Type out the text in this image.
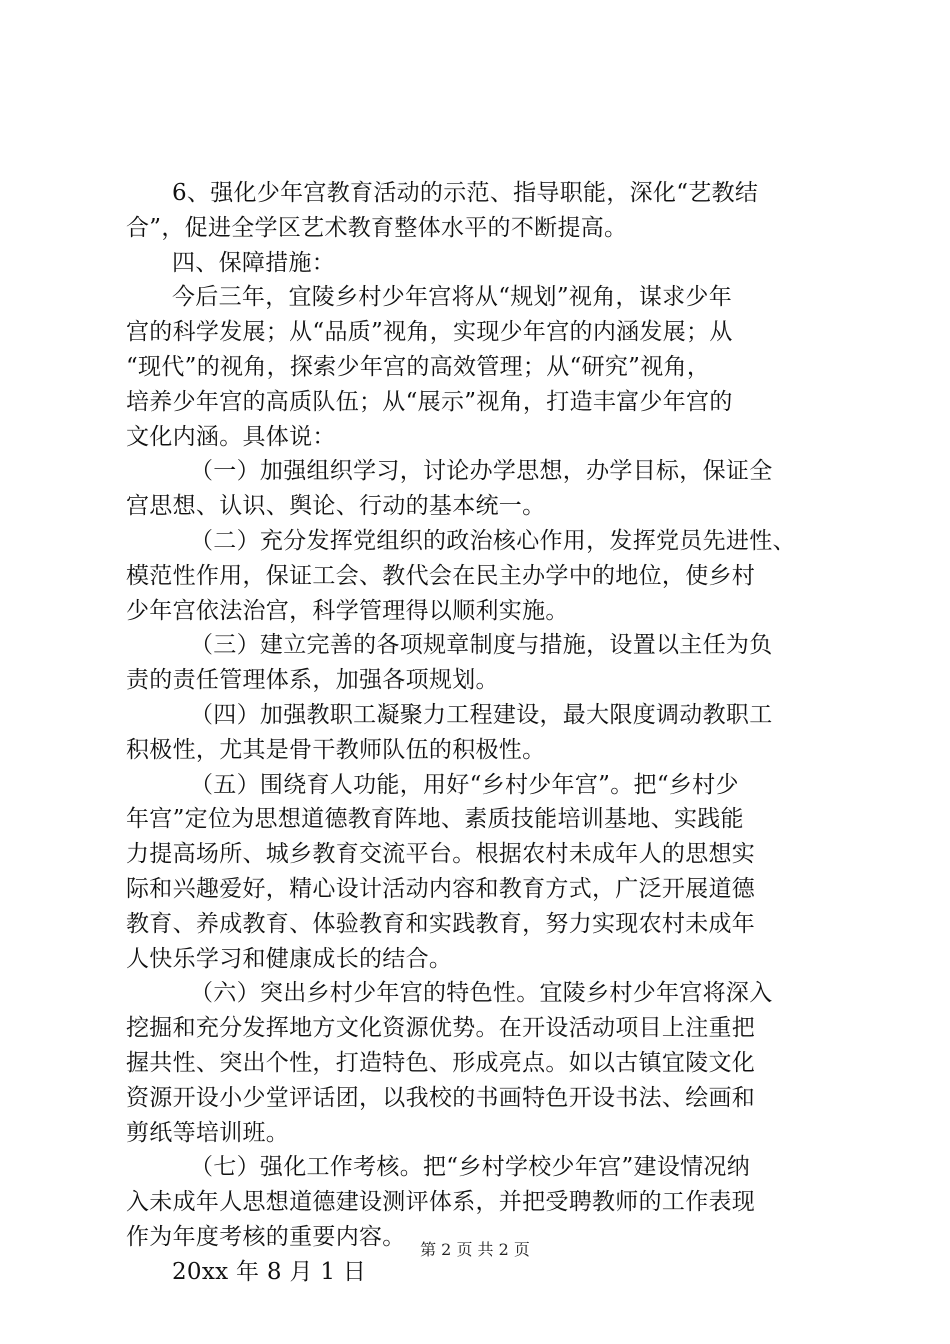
6、强化少年宫教育活动的示范、指导职能，深化“艺教结
合”，促进全学区艺术教育整体水平的不断提高。
四、保障措施：
今后三年，宜陵乡村少年宫将从“规划”视角，谋求少年
宫的科学发展；从“品质”视角，实现少年宫的内涵发展；从
“现代”的视角，探索少年宫的高效管理；从“研究”视角，
培养少年宫的高质队伍；从“展示”视角，打造丰富少年宫的
文化内涵。具体说：
（一）加强组织学习，讨论办学思想，办学目标，保证全
宫思想、认识、舆论、行动的基本统一。
（二）充分发挥党组织的政治核心作用，发挥党员先进性、
模范性作用，保证工会、教代会在民主办学中的地位，使乡村
少年宫依法治宫，科学管理得以顺利实施。
（三）建立完善的各项规章制度与措施，设置以主任为负
责的责任管理体系，加强各项规划。
（四）加强教职工凝聚力工程建设，最大限度调动教职工
积极性，尤其是骨干教师队伍的积极性。
（五）围绕育人功能，用好“乡村少年宫”。把“乡村少
年宫”定位为思想道德教育阵地、素质技能培训基地、实践能
力提高场所、城乡教育交流平台。根据农村未成年人的思想实
际和兴趣爱好，精心设计活动内容和教育方式，广泛开展道德
教育、养成教育、体验教育和实践教育，努力实现农村未成年
人快乐学习和健康成长的结合。
（六）突出乡村少年宫的特色性。宜陵乡村少年宫将深入
挖掘和充分发挥地方文化资源优势。在开设活动项目上注重把
握共性、突出个性，打造特色、形成亮点。如以古镇宜陵文化
资源开设小少堂评话团，以我校的书画特色开设书法、绘画和
剪纸等培训班。
（七）强化工作考核。把“乡村学校少年宫”建设情况纳
入未成年人思想道德建设测评体系，并把受聘教师的工作表现
作为年度考核的重要内容。
20xx 年 8 月 1 日
第 2 页 共 2 页
